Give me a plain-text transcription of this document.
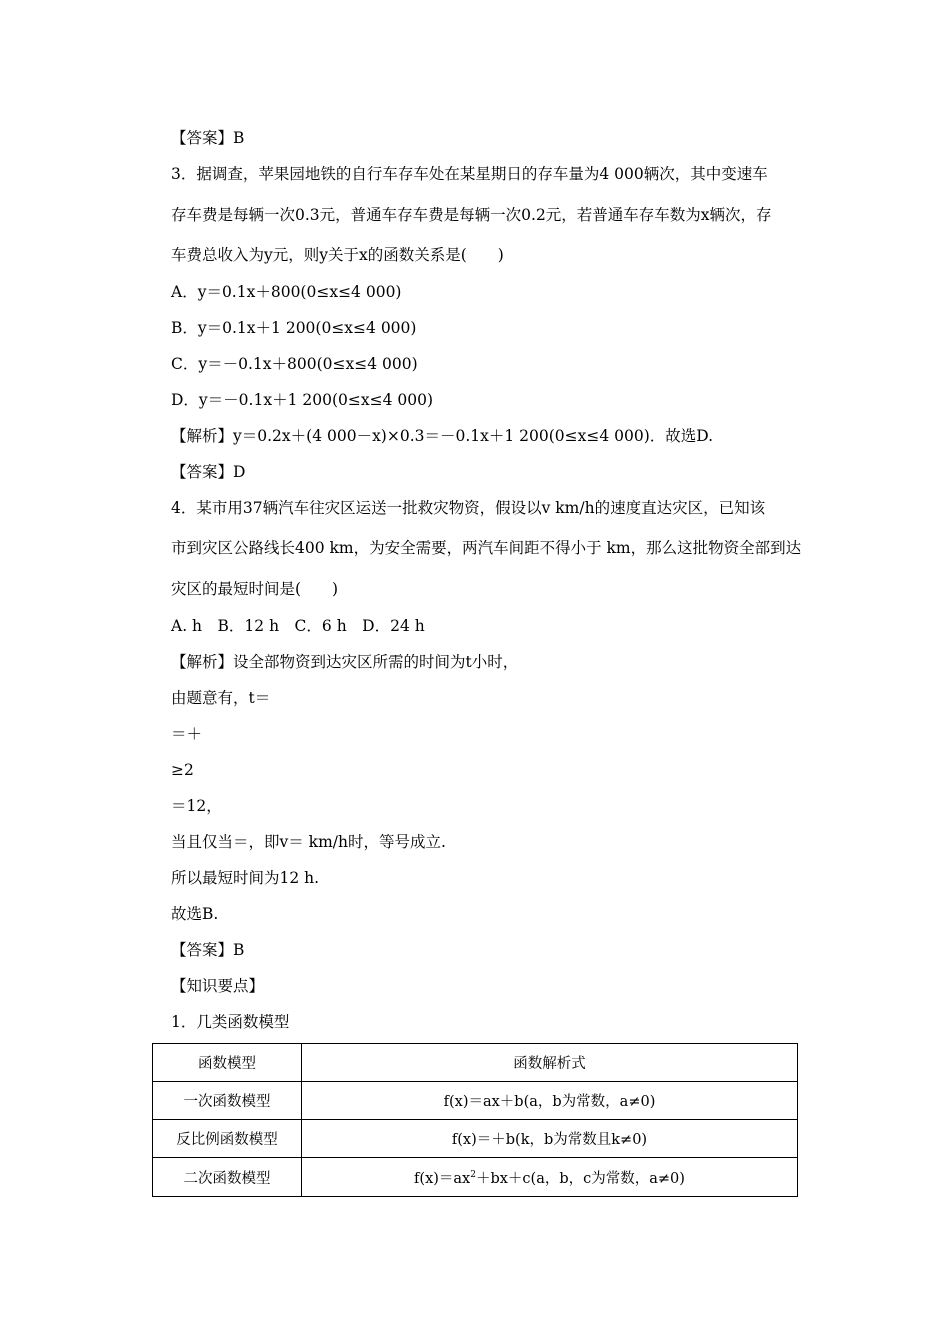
【答案】B
3．据调查，苹果园地铁的自行车存车处在某星期日的存车量为4 000辆次，其中变速车
存车费是每辆一次0.3元，普通车存车费是每辆一次0.2元，若普通车存车数为x辆次，存
车费总收入为y元，则y关于x的函数关系是(　　)
A．y＝0.1x＋800(0≤x≤4 000)
B．y＝0.1x＋1 200(0≤x≤4 000)
C．y＝－0.1x＋800(0≤x≤4 000)
D．y＝－0.1x＋1 200(0≤x≤4 000)
【解析】y＝0.2x＋(4 000－x)×0.3＝－0.1x＋1 200(0≤x≤4 000)．故选D.
【答案】D
4．某市用37辆汽车往灾区运送一批救灾物资，假设以v km/h的速度直达灾区，已知该
市到灾区公路线长400 km，为安全需要，两汽车间距不得小于 km，那么这批物资全部到达
灾区的最短时间是(　　)
A. h　B．12 h　C．6 h　D．24 h
【解析】设全部物资到达灾区所需的时间为t小时，
由题意有，t＝
＝＋
≥2
＝12，
当且仅当＝，即v＝ km/h时，等号成立.
所以最短时间为12 h.
故选B.
【答案】B
【知识要点】
1．几类函数模型
函数模型	函数解析式
一次函数模型	f(x)＝ax＋b(a，b为常数，a≠0)
反比例函数模型	f(x)＝＋b(k，b为常数且k≠0)
二次函数模型	$f(x)=ax^2+bx+c(a$，b，c为常数，a≠0)
